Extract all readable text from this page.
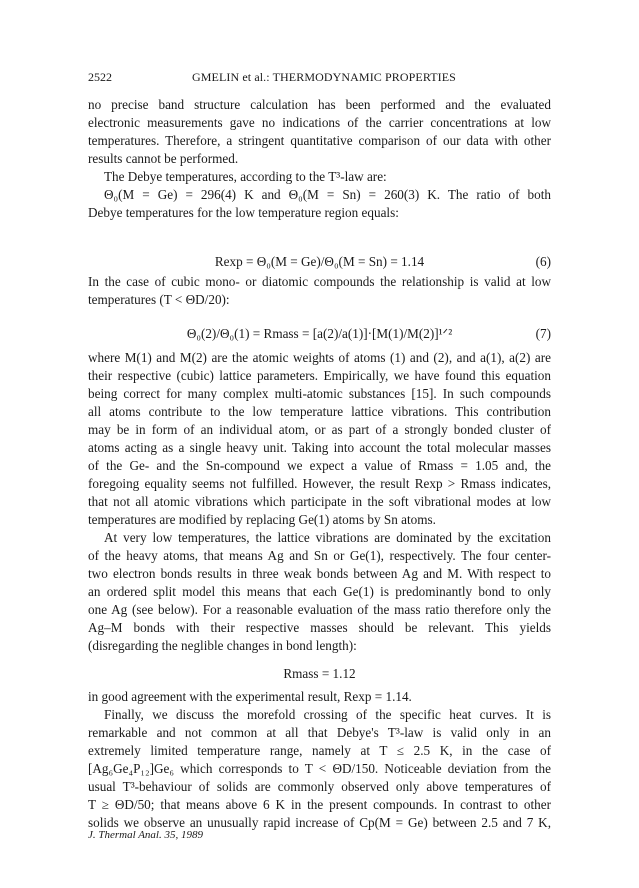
2522	GMELIN et al.: THERMODYNAMIC PROPERTIES
no precise band structure calculation has been performed and the evaluated
electronic measurements gave no indications of the carrier concentrations at low
temperatures. Therefore, a stringent quantitative comparison of our data with other
results cannot be performed.
The Debye temperatures, according to the T³-law are:
Θ₀(M = Ge) = 296(4) K and Θ₀(M = Sn) = 260(3) K. The ratio of both
Debye temperatures for the low temperature region equals:
Rexp = Θ₀(M = Ge)/Θ₀(M = Sn) = 1.14
In the case of cubic mono- or diatomic compounds the relationship is valid at low
temperatures (T < ΘD/20):
Θ₀(2)/Θ₀(1) = Rmass = [a(2)/a(1)]·[M(1)/M(2)]¹ᐟ²
where M(1) and M(2) are the atomic weights of atoms (1) and (2), and a(1), a(2) are
their respective (cubic) lattice parameters. Empirically, we have found this equation
being correct for many complex multi-atomic substances [15]. In such compounds
all atoms contribute to the low temperature lattice vibrations. This contribution
may be in form of an individual atom, or as part of a strongly bonded cluster of
atoms acting as a single heavy unit. Taking into account the total molecular masses
of the Ge- and the Sn-compound we expect a value of Rmass = 1.05 and, the
foregoing equality seems not fulfilled. However, the result Rexp > Rmass indicates,
that not all atomic vibrations which participate in the soft vibrational modes at low
temperatures are modified by replacing Ge(1) atoms by Sn atoms.
At very low temperatures, the lattice vibrations are dominated by the excitation
of the heavy atoms, that means Ag and Sn or Ge(1), respectively. The four center-
two electron bonds results in three weak bonds between Ag and M. With respect to
an ordered split model this means that each Ge(1) is predominantly bond to only
one Ag (see below). For a reasonable evaluation of the mass ratio therefore only the
Ag–M bonds with their respective masses should be relevant. This yields
(disregarding the neglible changes in bond length):
Rmass = 1.12
in good agreement with the experimental result, Rexp = 1.14.
Finally, we discuss the morefold crossing of the specific heat curves. It is
remarkable and not common at all that Debye's T³-law is valid only in an
extremely limited temperature range, namely at T ≤ 2.5 K, in the case of
[Ag₆Ge₄P₁₂]Ge₆ which corresponds to T < ΘD/150. Noticeable deviation from the
usual T³-behaviour of solids are commonly observed only above temperatures of
T ≥ ΘD/50; that means above 6 K in the present compounds. In contrast to other
solids we observe an unusually rapid increase of Cp(M = Ge) between 2.5 and 7 K,
(6)
(7)
J. Thermal Anal. 35, 1989
